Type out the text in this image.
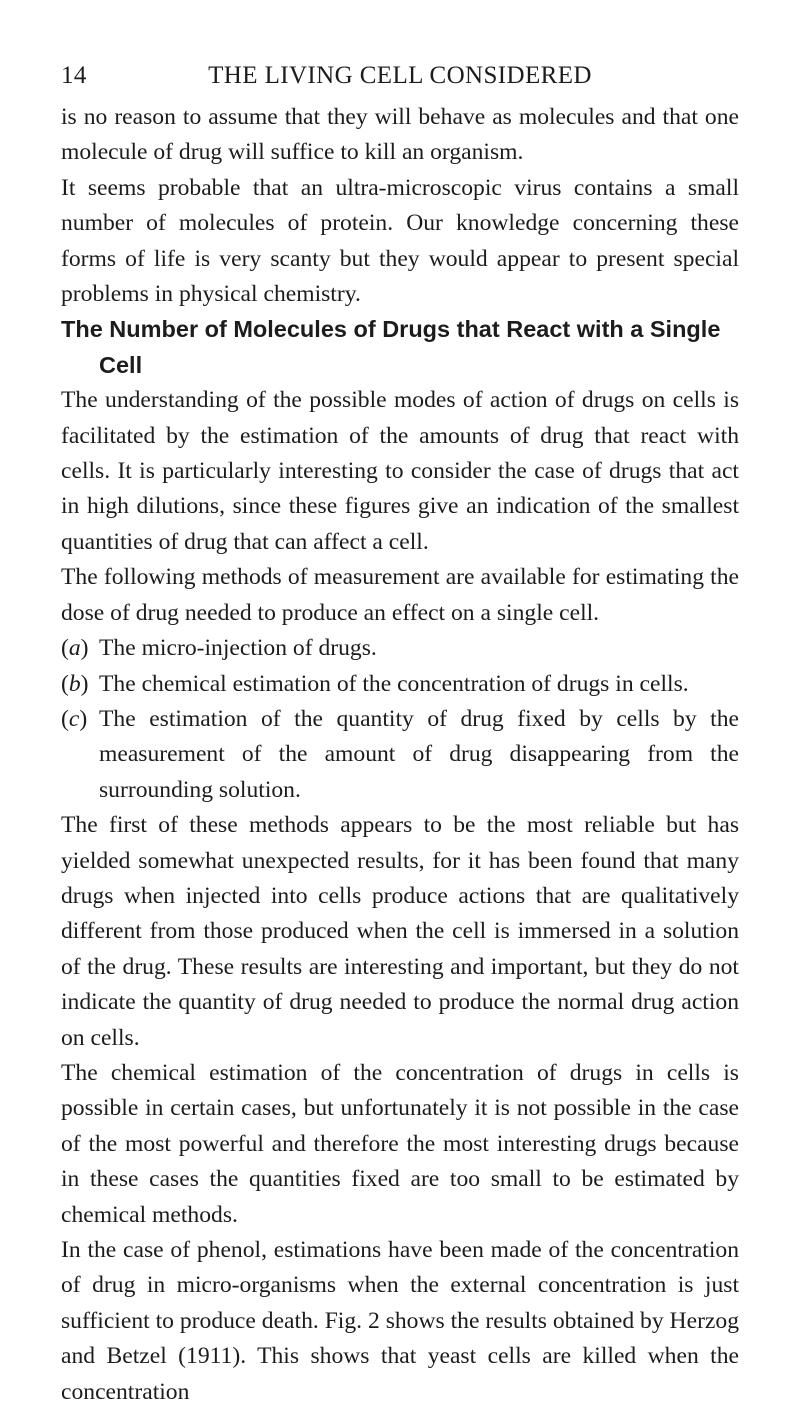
14	THE LIVING CELL CONSIDERED

is no reason to assume that they will behave as molecules and that one molecule of drug will suffice to kill an organism.

It seems probable that an ultra-microscopic virus contains a small number of molecules of protein. Our knowledge concerning these forms of life is very scanty but they would appear to present special problems in physical chemistry.

The Number of Molecules of Drugs that React with a Single Cell

The understanding of the possible modes of action of drugs on cells is facilitated by the estimation of the amounts of drug that react with cells. It is particularly interesting to consider the case of drugs that act in high dilutions, since these figures give an indication of the smallest quantities of drug that can affect a cell.

The following methods of measurement are available for estimating the dose of drug needed to produce an effect on a single cell.

(a) The micro-injection of drugs.
(b) The chemical estimation of the concentration of drugs in cells.
(c) The estimation of the quantity of drug fixed by cells by the measurement of the amount of drug disappearing from the surrounding solution.

The first of these methods appears to be the most reliable but has yielded somewhat unexpected results, for it has been found that many drugs when injected into cells produce actions that are qualitatively different from those produced when the cell is immersed in a solution of the drug. These results are interesting and important, but they do not indicate the quantity of drug needed to produce the normal drug action on cells.

The chemical estimation of the concentration of drugs in cells is possible in certain cases, but unfortunately it is not possible in the case of the most powerful and therefore the most interesting drugs because in these cases the quantities fixed are too small to be estimated by chemical methods.

In the case of phenol, estimations have been made of the concentration of drug in micro-organisms when the external concentration is just sufficient to produce death. Fig. 2 shows the results obtained by Herzog and Betzel (1911). This shows that yeast cells are killed when the concentration
